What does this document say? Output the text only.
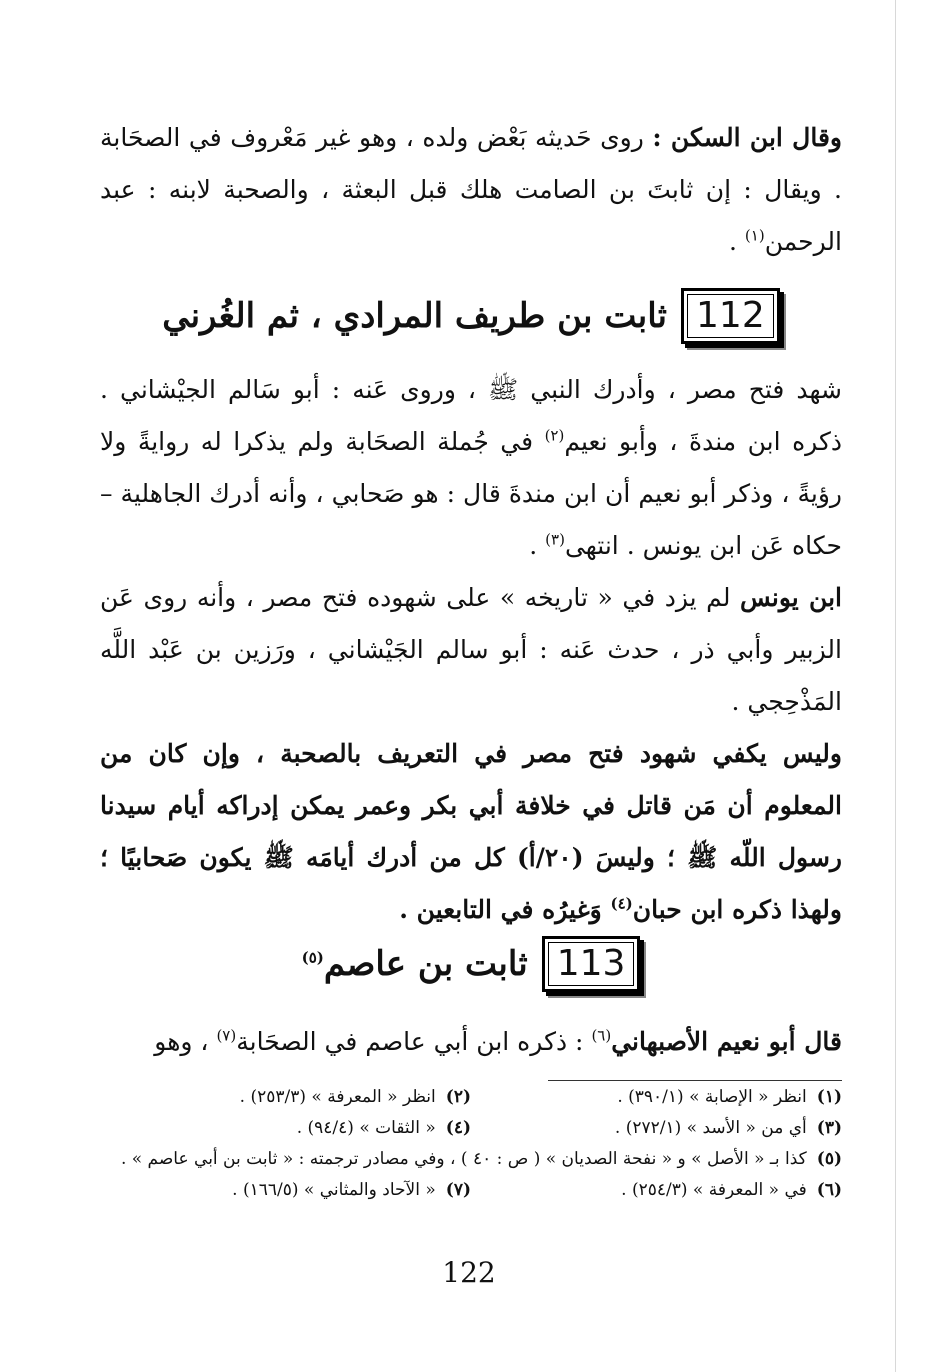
وقال ابن السكن : روى حَديثه بَعْض ولده ، وهو غير مَعْروف في الصحَابة . ويقال : إن ثابتَ بن الصامت هلك قبل البعثة ، والصحبة لابنه : عبد الرحمن$^{(١)}$ .

112
ثابت بن طريف المرادي ، ثم الغُرني

شهد فتح مصر ، وأدرك النبي ﷺ ، وروى عَنه : أبو سَالم الجيْشاني . ذكره ابن مندةَ ، وأبو نعيم$^{(٢)}$ في جُملة الصحَابة ولم يذكرا له روايةً ولا رؤيةً ، وذكر أبو نعيم أن ابن مندةَ قال : هو صَحابي ، وأنه أدرك الجاهلية – حكاه عَن ابن يونس . انتهى$^{(٣)}$ .

ابن يونس لم يزد في « تاريخه » على شهوده فتح مصر ، وأنه روى عَن الزبير وأبي ذر ، حدث عَنه : أبو سالم الجَيْشاني ، ورَزين بن عَبْد اللَّه المَذْحِجي .

وليس يكفي شهود فتح مصر في التعريف بالصحبة ، وإن كان من المعلوم أن مَن قاتل في خلافة أبي بكر وعمر يمكن إدراكه أيام سيدنا رسول اللّه ﷺ ؛ وليسَ (٢٠/أ) كل من أدرك أيامَه ﷺ يكون صَحابيًا ؛ ولهذا ذكره ابن حبان$^{(٤)}$ وَغيرُه في التابعين .

113
ثابت بن عاصم$^{(٥)}$

قال أبو نعيم الأصبهاني$^{(٦)}$ : ذكره ابن أبي عاصم في الصحَابة$^{(٧)}$ ، وهو

(١)انظر « الإصابة » (٣٩٠/١) .
(٢)انظر « المعرفة » (٢٥٣/٣) .
(٣)أي من « الأسد » (٢٧٢/١) .
(٤)« الثقات » (٩٤/٤) .
(٥)كذا بـ « الأصل » و « نفحة الصديان » ( ص : ٤٠ ) ، وفي مصادر ترجمته : « ثابت بن أبي عاصم » .
(٦)في « المعرفة » (٢٥٤/٣) .
(٧)« الآحاد والمثاني » (١٦٦/٥) .
122
